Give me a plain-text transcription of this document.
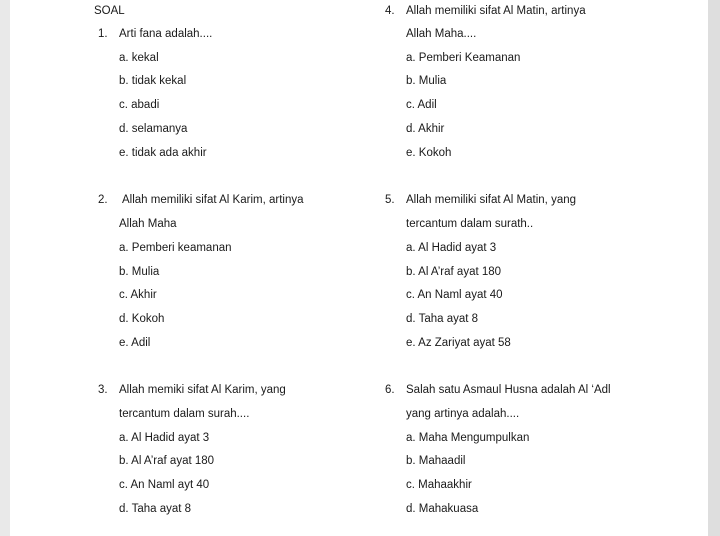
SOAL
1. Arti fana adalah....
a. kekal
b. tidak kekal
c. abadi
d. selamanya
e. tidak ada akhir
2. Allah memiliki sifat Al Karim, artinya
Allah Maha
a. Pemberi keamanan
b. Mulia
c. Akhir
d. Kokoh
e. Adil
3. Allah memiki sifat Al Karim, yang
tercantum dalam surah....
a. Al Hadid ayat 3
b. Al A’raf ayat 180
c. An Naml ayt 40
d. Taha ayat 8
4. Allah memiliki sifat Al Matin, artinya
Allah Maha....
a. Pemberi Keamanan
b. Mulia
c. Adil
d. Akhir
e. Kokoh
5. Allah memiliki sifat Al Matin, yang
tercantum dalam surath..
a. Al Hadid ayat 3
b. Al A’raf ayat 180
c. An Naml ayat 40
d. Taha ayat 8
e. Az Zariyat ayat 58
6. Salah satu Asmaul Husna adalah Al ‘Adl
yang artinya adalah....
a. Maha Mengumpulkan
b. Mahaadil
c. Mahaakhir
d. Mahakuasa
